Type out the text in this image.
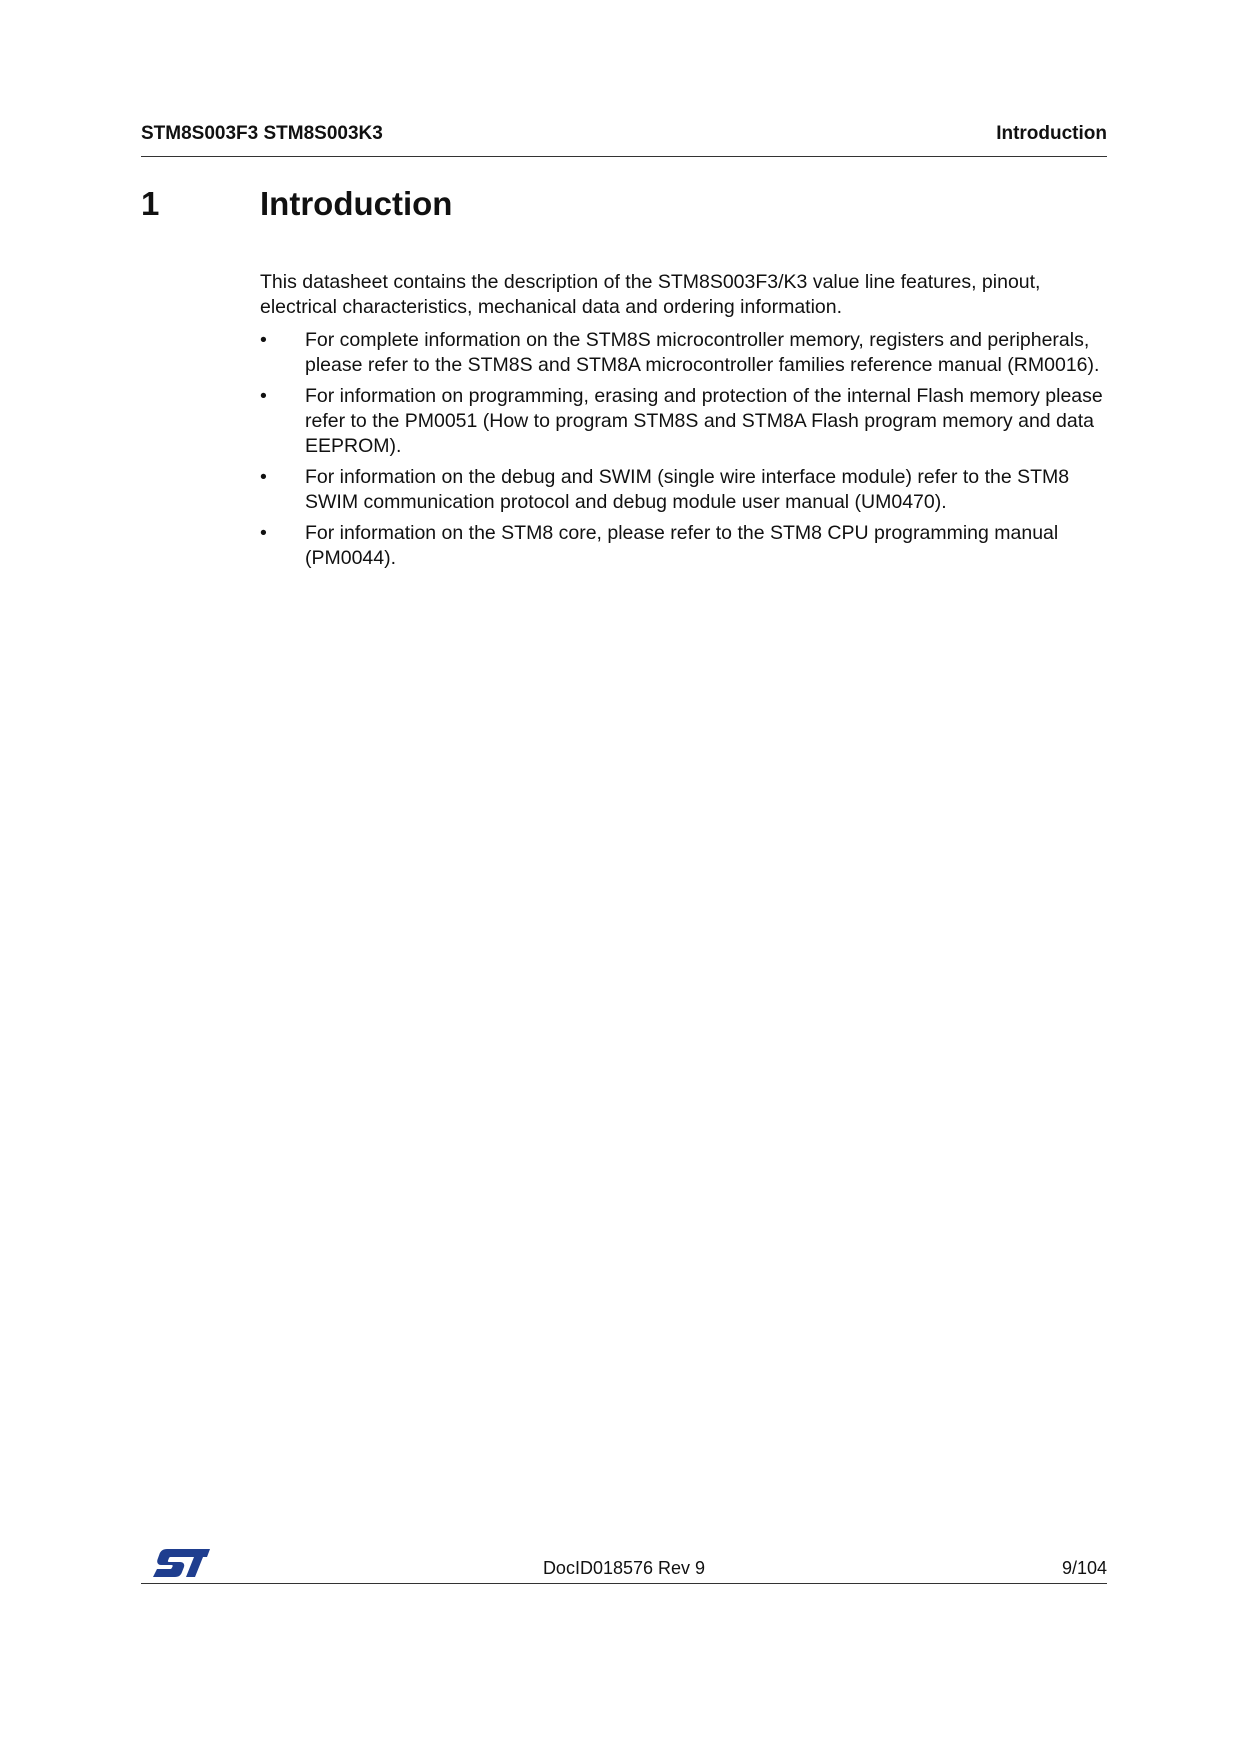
STM8S003F3 STM8S003K3	Introduction
1	Introduction

This datasheet contains the description of the STM8S003F3/K3 value line features, pinout, electrical characteristics, mechanical data and ordering information.

•	For complete information on the STM8S microcontroller memory, registers and peripherals, please refer to the STM8S and STM8A microcontroller families reference manual (RM0016).
•	For information on programming, erasing and protection of the internal Flash memory please refer to the PM0051 (How to program STM8S and STM8A Flash program memory and data EEPROM).
•	For information on the debug and SWIM (single wire interface module) refer to the STM8 SWIM communication protocol and debug module user manual (UM0470).
•	For information on the STM8 core, please refer to the STM8 CPU programming manual (PM0044).
DocID018576 Rev 9	9/104
